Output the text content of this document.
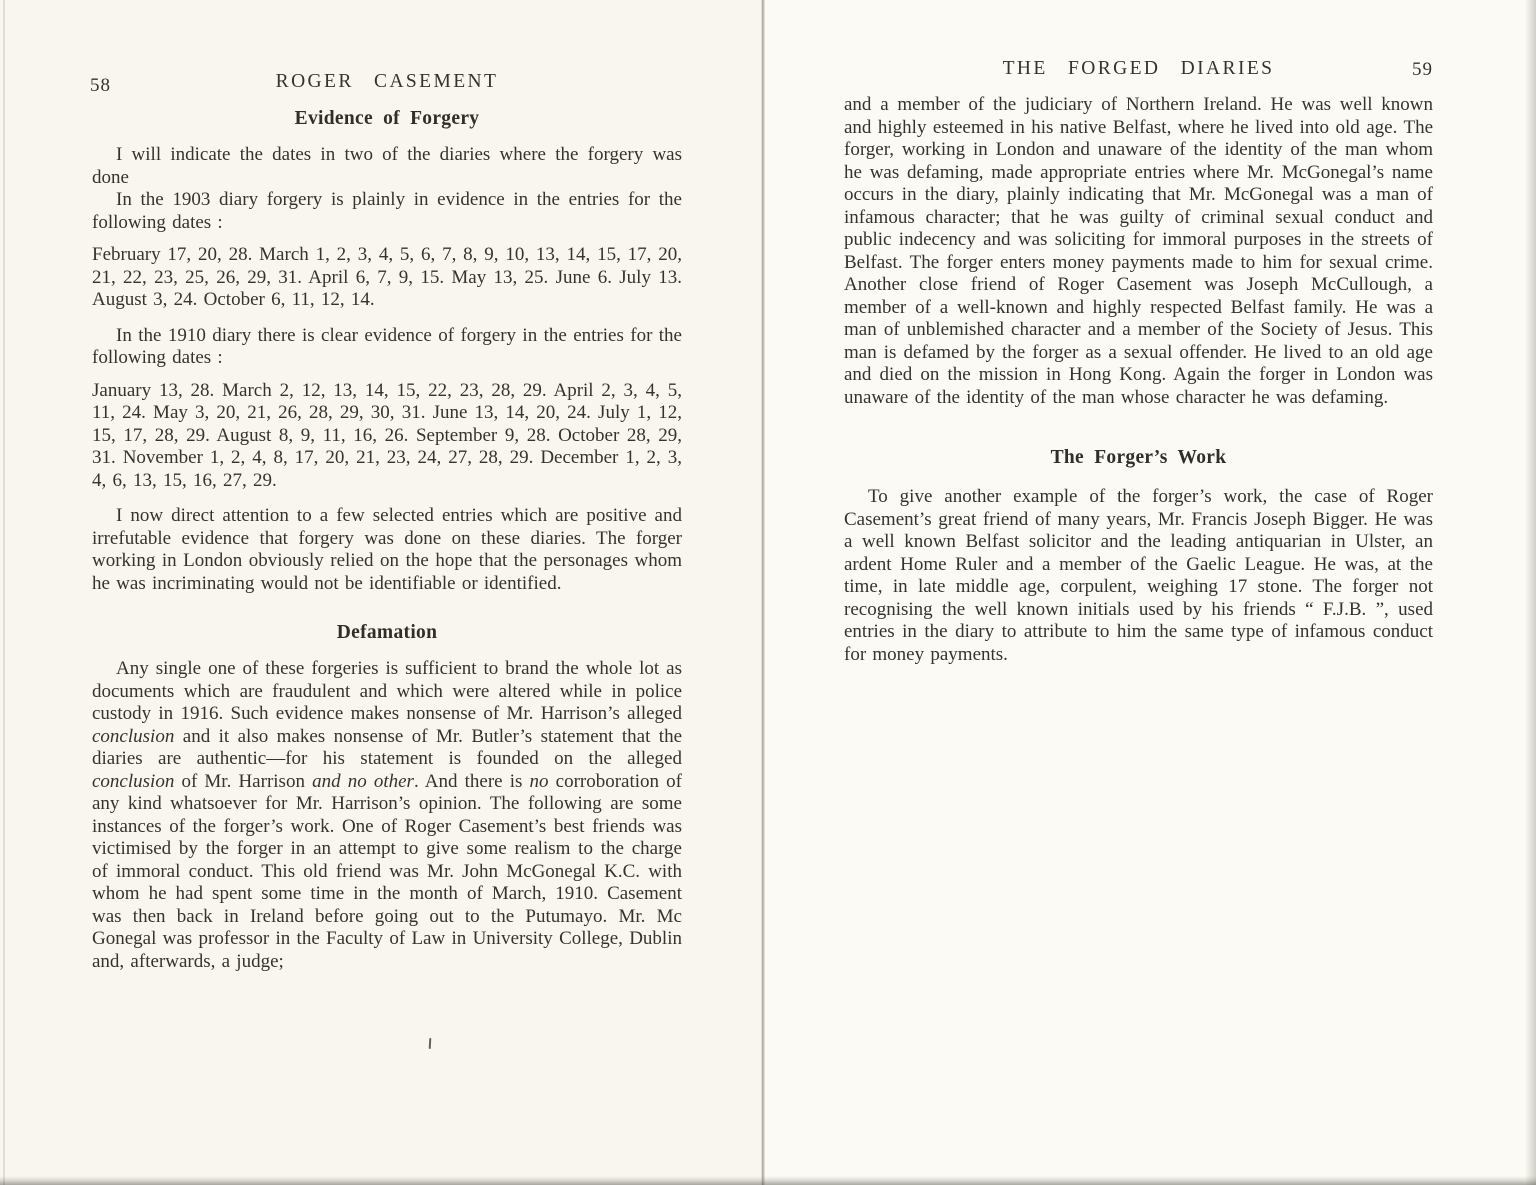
58	ROGER CASEMENT
Evidence of Forgery

I will indicate the dates in two of the diaries where the forgery was done

In the 1903 diary forgery is plainly in evidence in the entries for the following dates :

February 17, 20, 28. March 1, 2, 3, 4, 5, 6, 7, 8, 9, 10, 13, 14, 15, 17, 20, 21, 22, 23, 25, 26, 29, 31. April 6, 7, 9, 15. May 13, 25. June 6. July 13. August 3, 24. October 6, 11, 12, 14.

In the 1910 diary there is clear evidence of forgery in the entries for the following dates :

January 13, 28. March 2, 12, 13, 14, 15, 22, 23, 28, 29. April 2, 3, 4, 5, 11, 24. May 3, 20, 21, 26, 28, 29, 30, 31. June 13, 14, 20, 24. July 1, 12, 15, 17, 28, 29. August 8, 9, 11, 16, 26. September 9, 28. October 28, 29, 31. November 1, 2, 4, 8, 17, 20, 21, 23, 24, 27, 28, 29. December 1, 2, 3, 4, 6, 13, 15, 16, 27, 29.

I now direct attention to a few selected entries which are positive and irrefutable evidence that forgery was done on these diaries. The forger working in London obviously relied on the hope that the personages whom he was incriminating would not be identifiable or identified.

Defamation

Any single one of these forgeries is sufficient to brand the whole lot as documents which are fraudulent and which were altered while in police custody in 1916. Such evidence makes nonsense of Mr. Harrison’s alleged conclusion and it also makes nonsense of Mr. Butler’s statement that the diaries are authentic—for his statement is founded on the alleged conclusion of Mr. Harrison and no other. And there is no corroboration of any kind whatsoever for Mr. Harrison’s opinion. The following are some instances of the forger’s work. One of Roger Casement’s best friends was victimised by the forger in an attempt to give some realism to the charge of immoral conduct. This old friend was Mr. John McGonegal K.C. with whom he had spent some time in the month of March, 1910. Casement was then back in Ireland before going out to the Putumayo. Mr. Mc Gonegal was professor in the Faculty of Law in University College, Dublin and, afterwards, a judge;

THE FORGED DIARIES	59

and a member of the judiciary of Northern Ireland. He was well known and highly esteemed in his native Belfast, where he lived into old age. The forger, working in London and unaware of the identity of the man whom he was defaming, made appropriate entries where Mr. McGonegal’s name occurs in the diary, plainly indicating that Mr. McGonegal was a man of infamous character; that he was guilty of criminal sexual conduct and public indecency and was soliciting for immoral purposes in the streets of Belfast. The forger enters money payments made to him for sexual crime. Another close friend of Roger Casement was Joseph McCullough, a member of a well-known and highly respected Belfast family. He was a man of unblemished character and a member of the Society of Jesus. This man is defamed by the forger as a sexual offender. He lived to an old age and died on the mission in Hong Kong. Again the forger in London was unaware of the identity of the man whose character he was defaming.

The Forger’s Work

To give another example of the forger’s work, the case of Roger Casement’s great friend of many years, Mr. Francis Joseph Bigger. He was a well known Belfast solicitor and the leading antiquarian in Ulster, an ardent Home Ruler and a member of the Gaelic League. He was, at the time, in late middle age, corpulent, weighing 17 stone. The forger not recognising the well known initials used by his friends “ F.J.B. ”, used entries in the diary to attribute to him the same type of infamous conduct for money payments.
